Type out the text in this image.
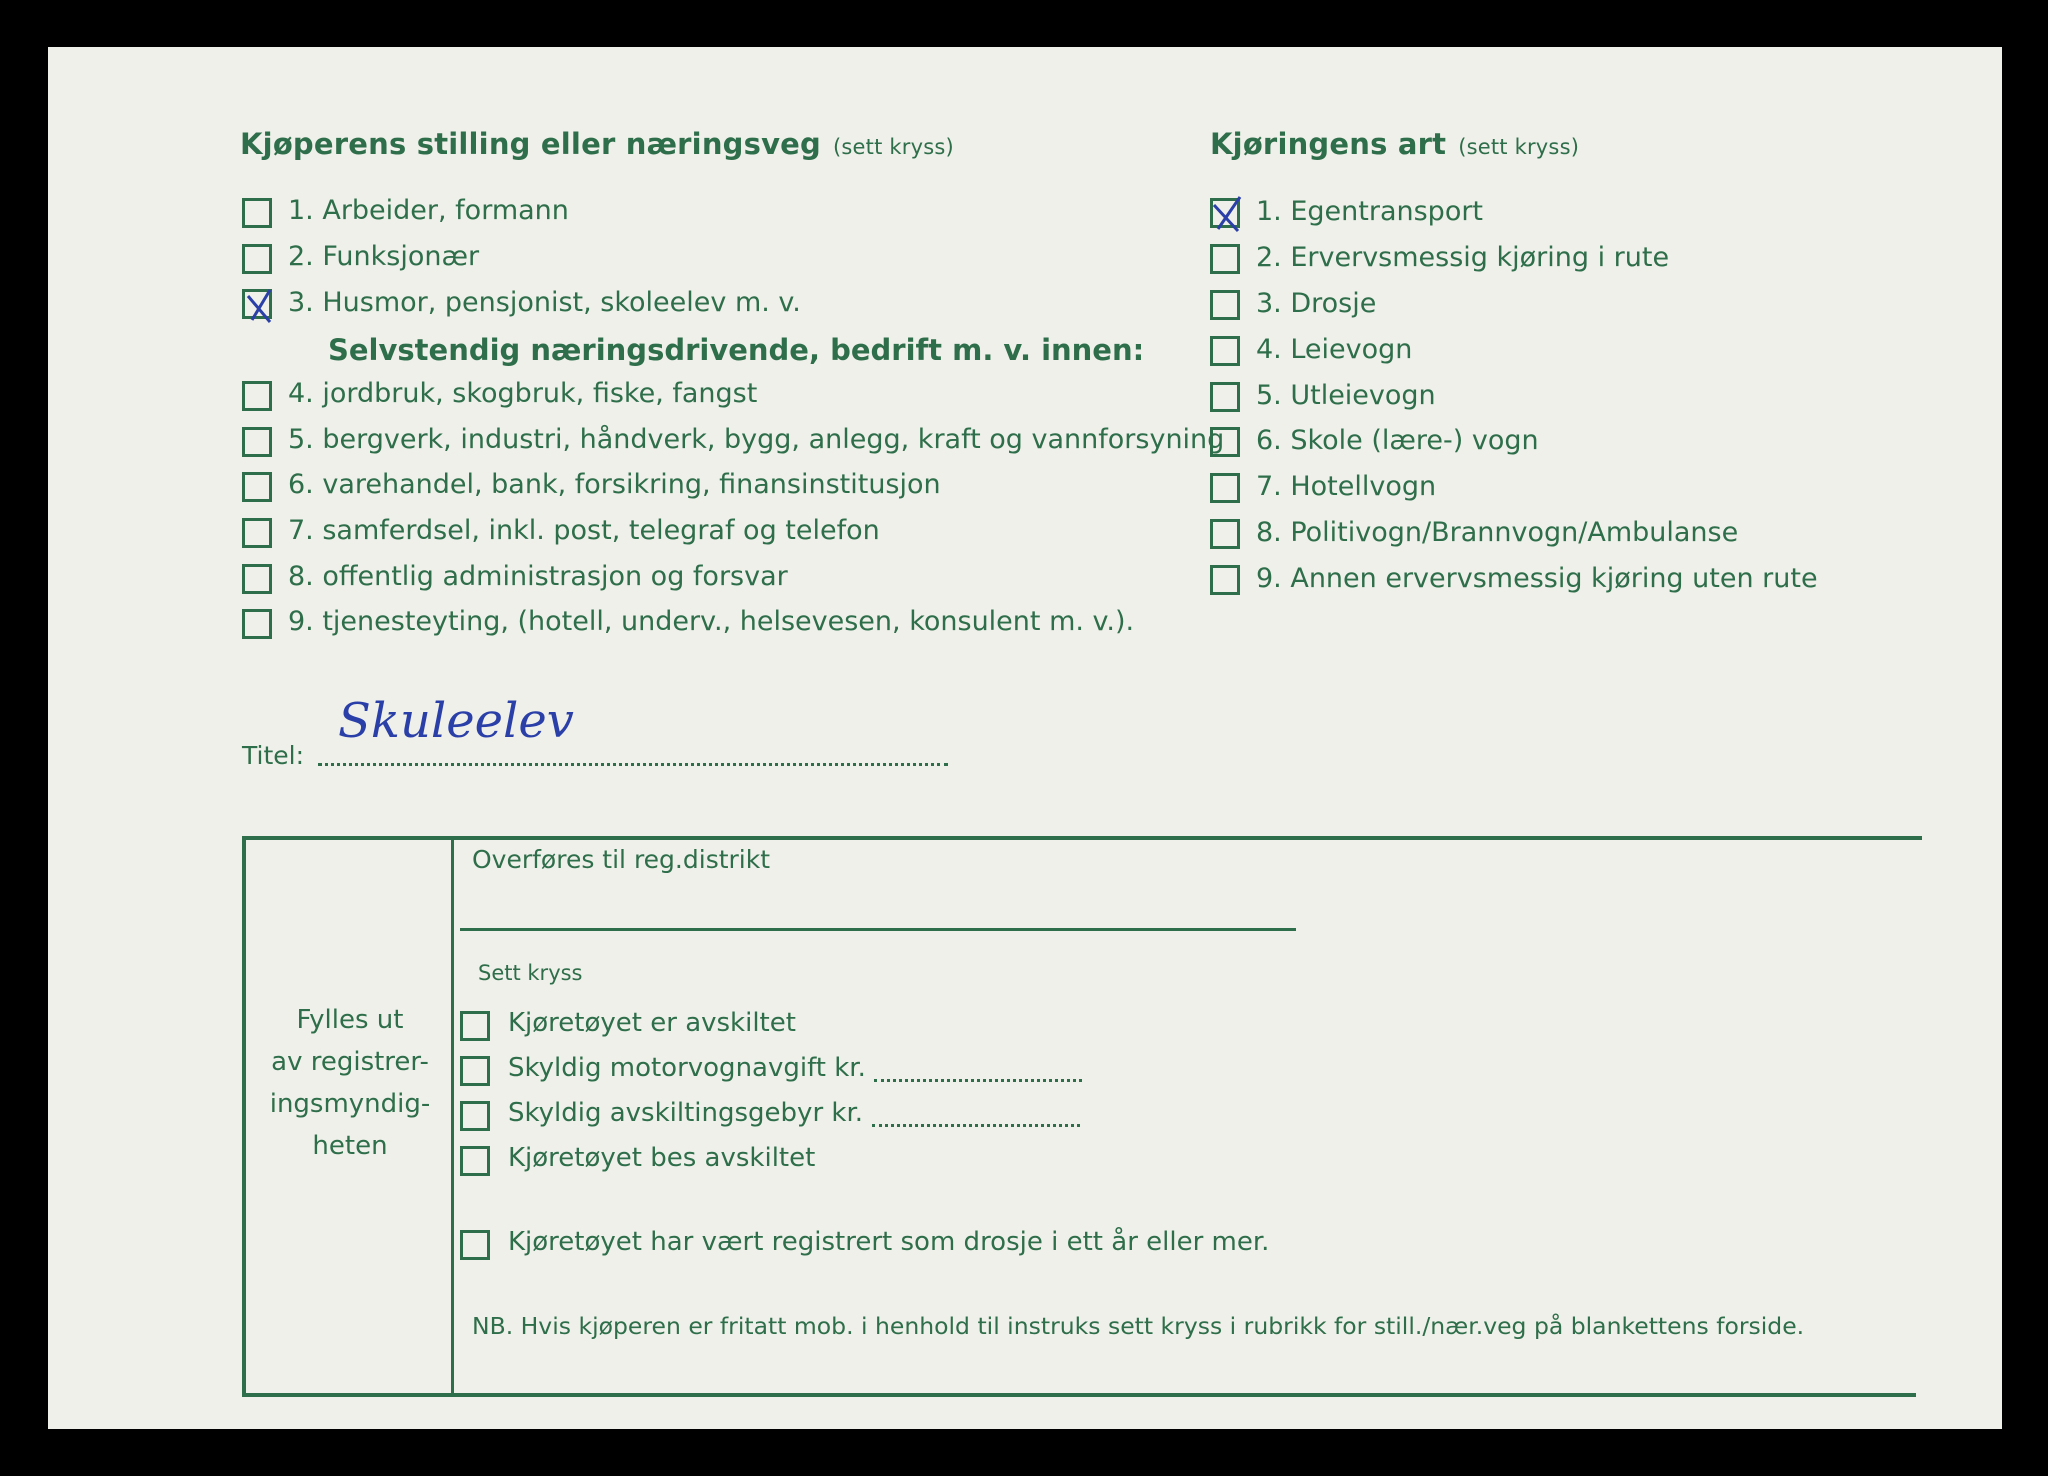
Kjøperens stilling eller næringsveg (sett kryss)
1. Arbeider, formann
2. Funksjonær
3. Husmor, pensjonist, skoleelev m. v.
Selvstendig næringsdrivende, bedrift m. v. innen:
4. jordbruk, skogbruk, fiske, fangst
5. bergverk, industri, håndverk, bygg, anlegg, kraft og vannforsyning
6. varehandel, bank, forsikring, finansinstitusjon
7. samferdsel, inkl. post, telegraf og telefon
8. offentlig administrasjon og forsvar
9. tjenesteyting, (hotell, underv., helsevesen, konsulent m. v.).
Kjøringens art (sett kryss)
1. Egentransport
2. Ervervsmessig kjøring i rute
3. Drosje
4. Leievogn
5. Utleievogn
6. Skole (lære-) vogn
7. Hotellvogn
8. Politivogn/Brannvogn/Ambulanse
9. Annen ervervsmessig kjøring uten rute
Titel:
Skuleelev
Fylles ut
av registrer-
ingsmyndig-
heten
Overføres til reg.distrikt
Sett kryss
Kjøretøyet er avskiltet
Skyldig motorvognavgift kr.
Skyldig avskiltingsgebyr kr.
Kjøretøyet bes avskiltet
Kjøretøyet har vært registrert som drosje i ett år eller mer.
NB. Hvis kjøperen er fritatt mob. i henhold til instruks sett kryss i rubrikk for still./nær.veg på blankettens forside.
